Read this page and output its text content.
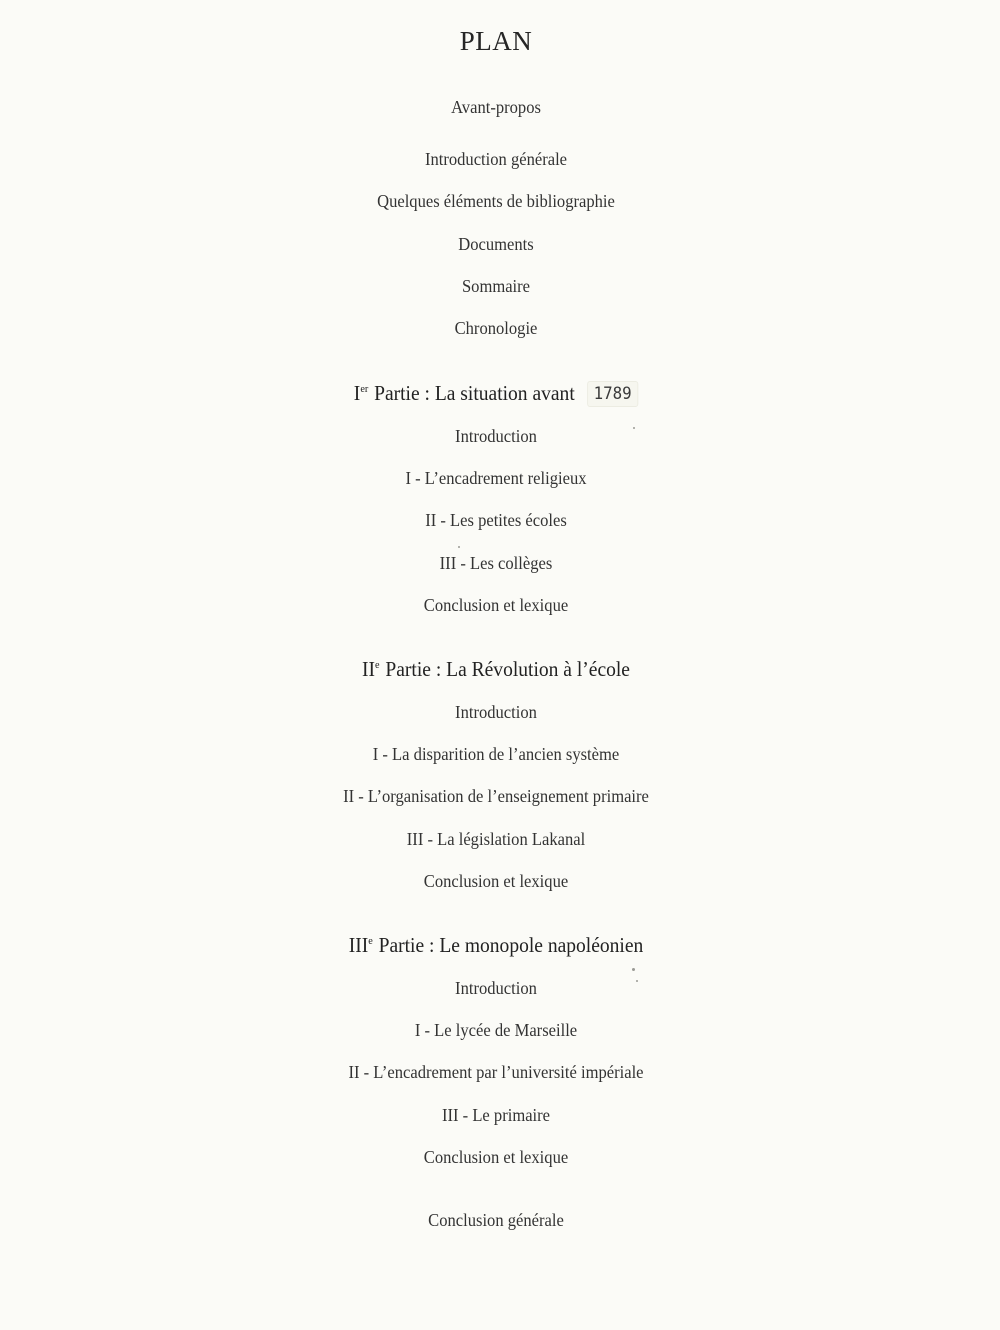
PLAN
Avant-propos
Introduction générale
Quelques éléments de bibliographie
Documents
Sommaire
Chronologie
Ier Partie : La situation avant 1789
Introduction
I - L’encadrement religieux
II - Les petites écoles
III - Les collèges
Conclusion et lexique
IIe Partie : La Révolution à l’école
Introduction
I - La disparition de l’ancien système
II - L’organisation de l’enseignement primaire
III - La législation Lakanal
Conclusion et lexique
IIIe Partie : Le monopole napoléonien
Introduction
I - Le lycée de Marseille
II - L’encadrement par l’université impériale
III - Le primaire
Conclusion et lexique
Conclusion générale
